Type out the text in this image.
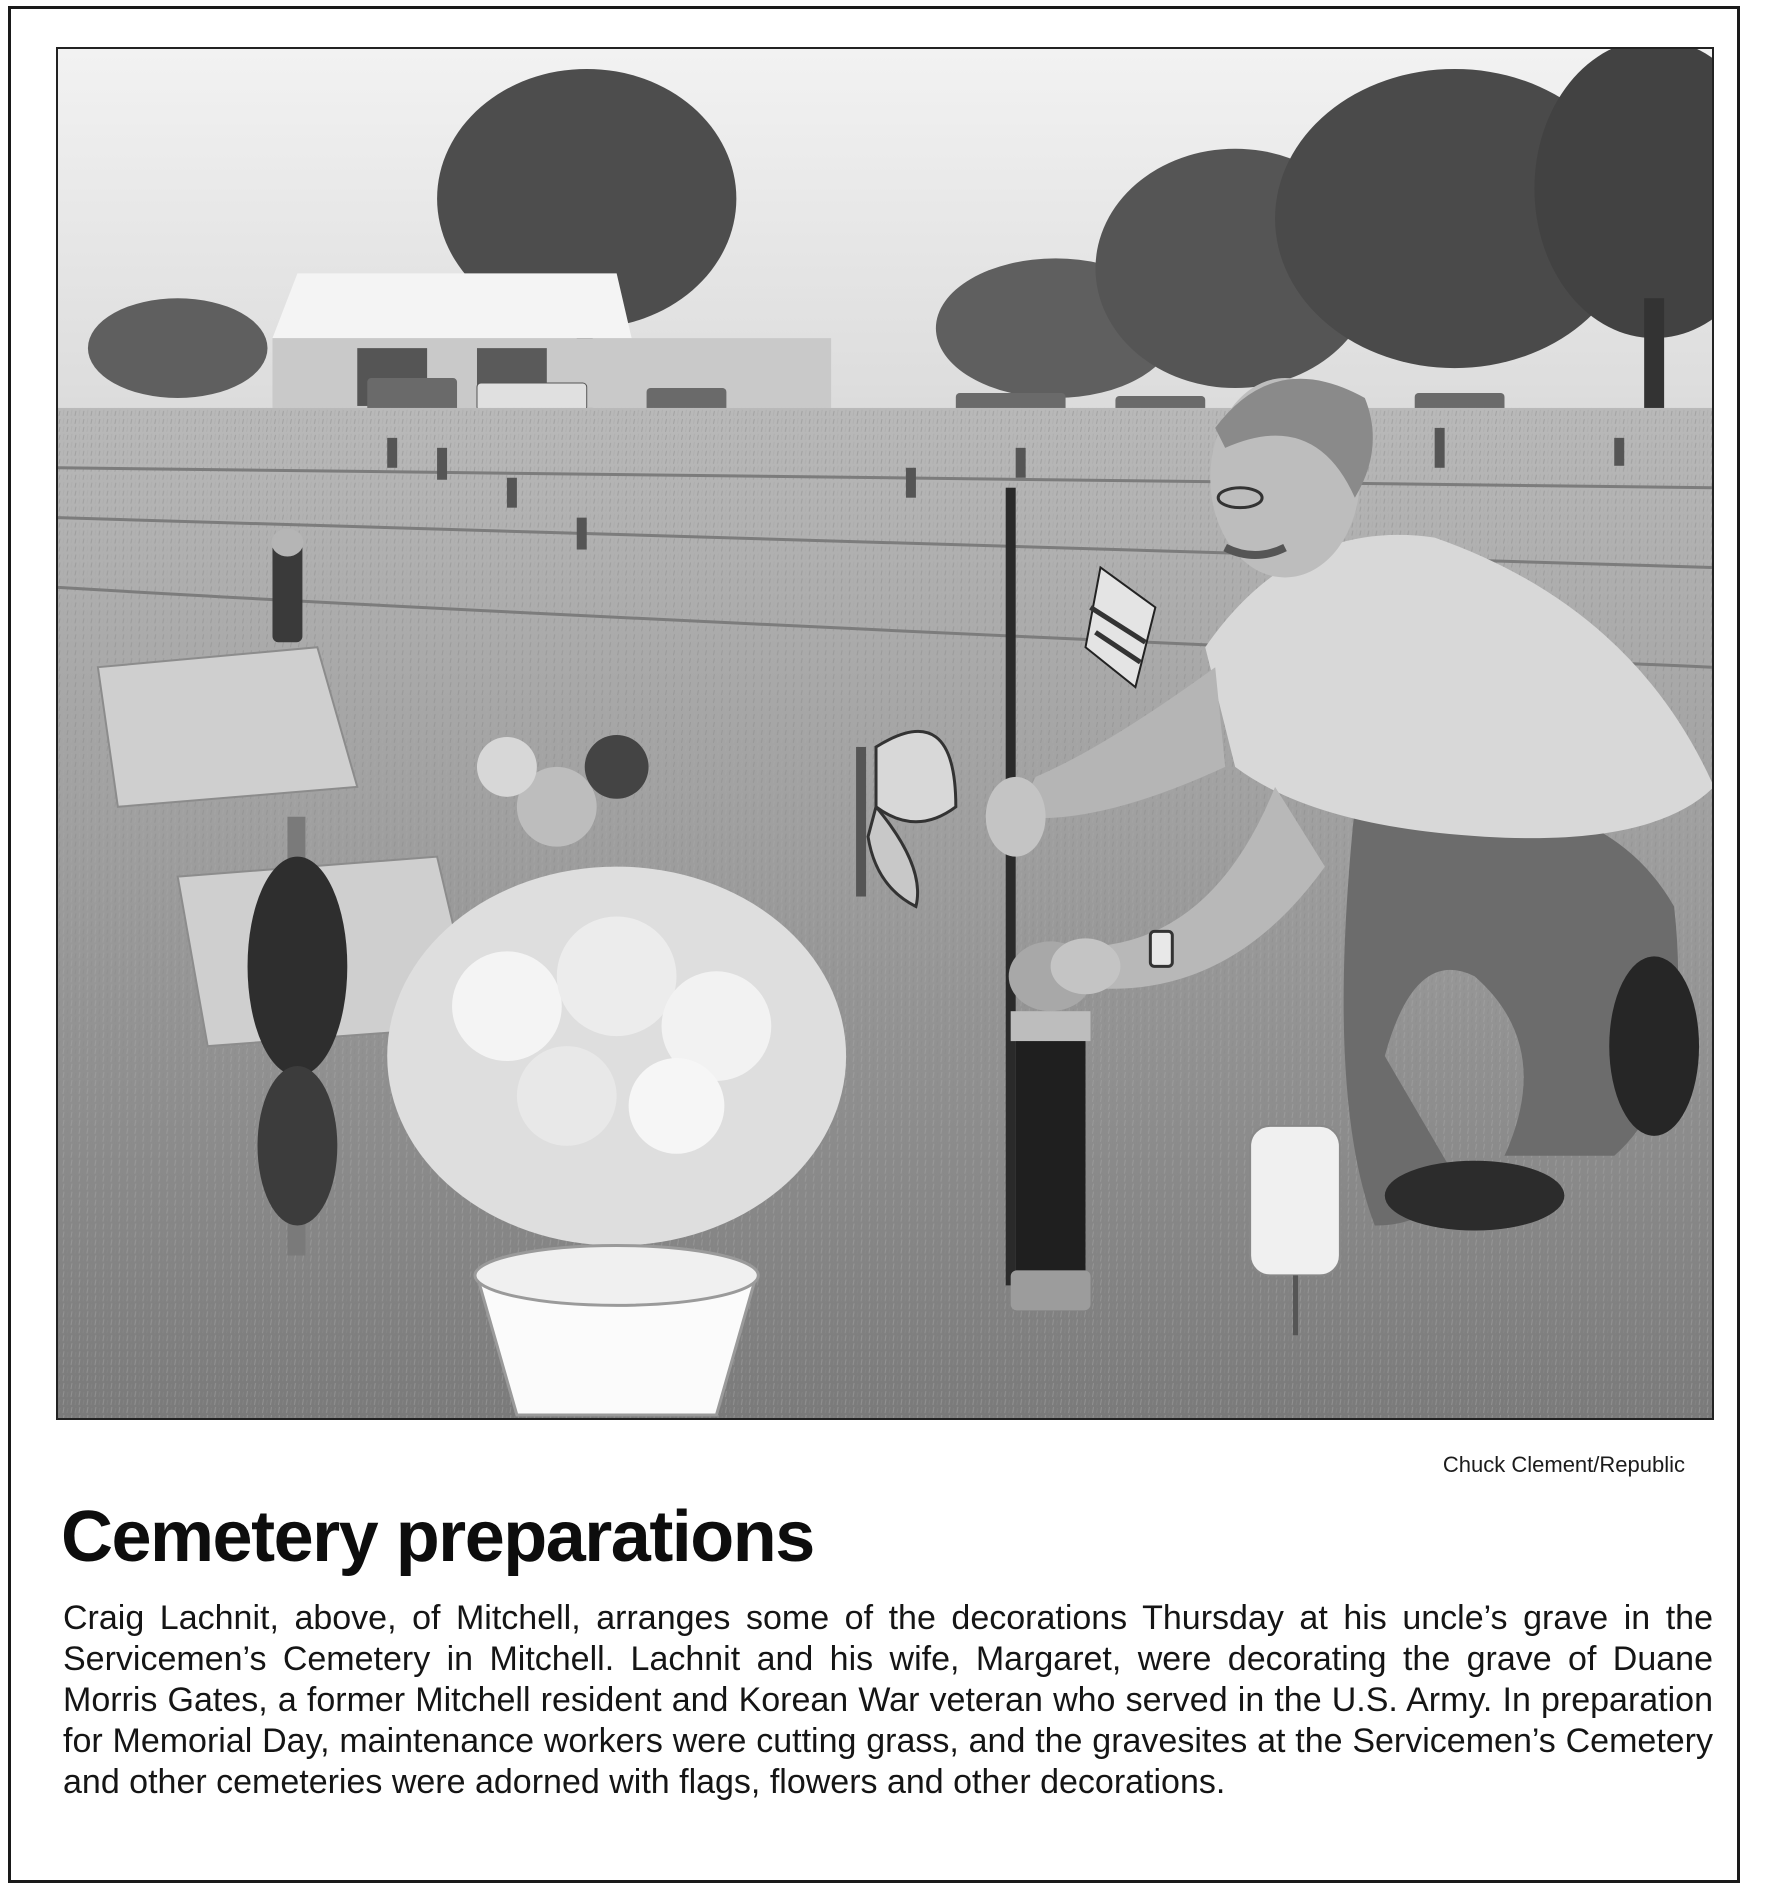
Chuck Clement/Republic
Cemetery preparations

Craig Lachnit, above, of Mitchell, arranges some of the decorations Thursday at his uncle’s grave in the Servicemen’s Cemetery in Mitchell. Lachnit and his wife, Margaret, were decorating the grave of Duane Morris Gates, a former Mitchell resident and Korean War veteran who served in the U.S. Army. In preparation for Memorial Day, maintenance workers were cutting grass, and the gravesites at the Servicemen’s Cemetery and other cemeteries were adorned with flags, flowers and other decorations.
